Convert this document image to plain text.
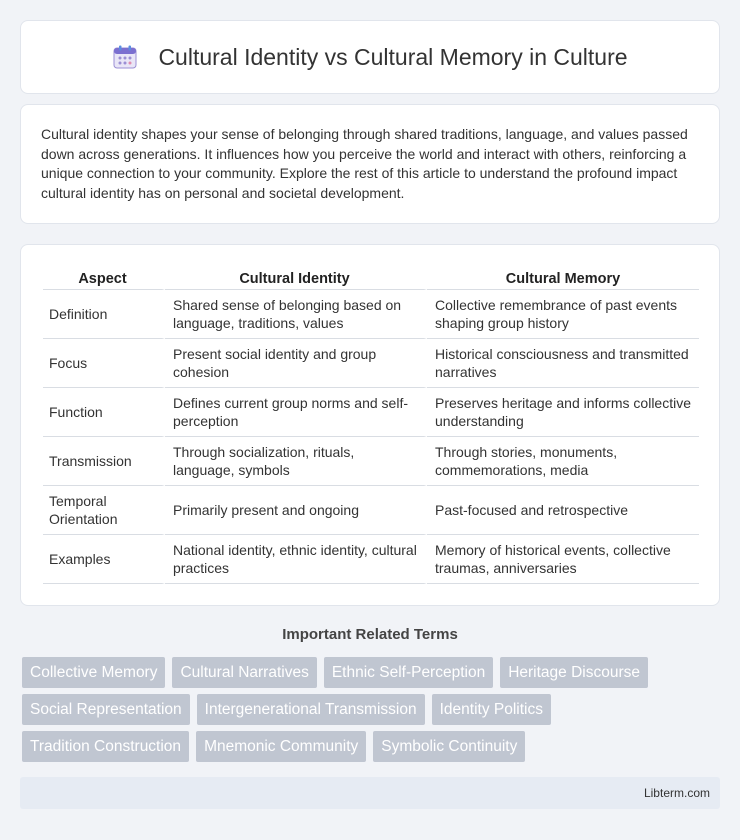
Cultural Identity vs Cultural Memory in Culture

Cultural identity shapes your sense of belonging through shared traditions, language, and values passed down across generations. It influences how you perceive the world and interact with others, reinforcing a unique connection to your community. Explore the rest of this article to understand the profound impact cultural identity has on personal and societal development.

Aspect	Cultural Identity	Cultural Memory
Definition	Shared sense of belonging based on language, traditions, values	Collective remembrance of past events shaping group history
Focus	Present social identity and group cohesion	Historical consciousness and transmitted narratives
Function	Defines current group norms and self-perception	Preserves heritage and informs collective understanding
Transmission	Through socialization, rituals, language, symbols	Through stories, monuments, commemorations, media
Temporal Orientation	Primarily present and ongoing	Past-focused and retrospective
Examples	National identity, ethnic identity, cultural practices	Memory of historical events, collective traumas, anniversaries
Important Related Terms
Collective Memory	Cultural Narratives	Ethnic Self-Perception	Heritage Discourse
Social Representation	Intergenerational Transmission	Identity Politics
Tradition Construction	Mnemonic Community	Symbolic Continuity
Libterm.com
